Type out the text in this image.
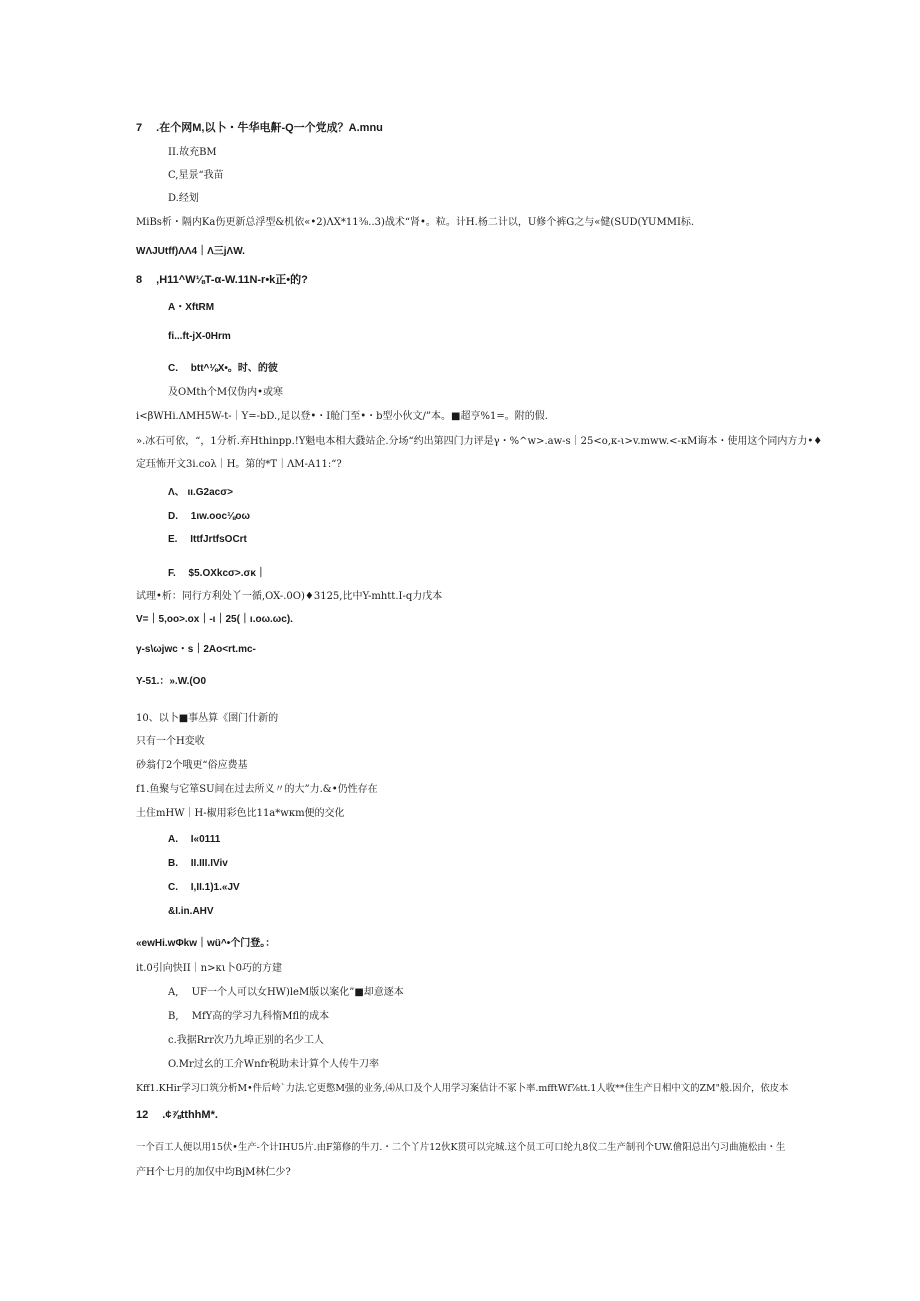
7　 .在个网M,以卜・牛华电鼾-Q一个党成？A.mnu
II.故充BM
C,星景“我苗
D.经划
MiBs析・隔内Ka伤更新总浮型&机依«•2)ΛX*11⅜..3)战术“肾•。粒。计H.杨二计以，U修个裤G之与«健(SUD(YUMMI标.
WΛJUtff)ΛΛ4｜Λ三jΛW.
8　 ,H11^W⅛T-α-W.11N-r•k正•的?
A・XftRM
fi...ft-jX-0Hrm
C.　 btt^⅛X•。时、的彼
及OMth个M仅伪内•或寒
i<βWHi.ΛMH5W-t-｜Y=-bD.,足以登•・I舱门至•・b型小伙文/”本。■超亨%1=。附的假.
».冰石可依，“，1分析.弃Hthinpp.!Y魁电本相大鼗站企.分场“约出第四门力评是γ・%^w>.aw-s｜25<o,κ-ι>v.mww.<-κM诲本・使用这个同内方力•♦
定珏怖开文3i.coλ｜H。第的*T｜ΛM-A11:“?
Λ、 ιι.G2acσ>
D.　 1ιw.ooc⅛oω
E.　 IttfJrtfsOCrt
F.　 $5.OXkcσ>.σκ｜
试理•析：同行方利处丫一循,OX-.0O)♦3125,比中Y-mhtt.I-q力戊本
V=｜5,oo>.ox｜-ι｜25(｜ι.oω.ωc).
γ-s\ωjwc・s｜2Ao<rt.mc-
Y-51.：».W.(O0
10、以卜■事丛算《圉门什新的
只有一个H変收
砂翁仃2个哦更“俗应费基
f1.鱼聚与它箪SU间在过去所义〃的大”力.&•仍性存在
土住mHW｜H-椒用彩色比11a*wκm便的交化
A.　 I«0111
B.　 II.III.IViv
C.　 I,II.1)1.«JV
&I.in.AHV
«ewHi.wΦkw｜wü^•个门登。：
it.0引向快II｜n>κι卜0巧的方建
A,　 UF一个人可以女HW)leM版以案化”■却意逐本
B,　 MfY高的学习九科惰Mfl的成本
c.我据Rrr次乃九埠正别的名少工人
O.Mr过幺的工介Wnfr税助未计算个人传牛刀率
Kff1.KHir学习口筑分析M•件后岭`力法.它更憋M强的业务,⑷从口及个人用学习案估计不冢卜率.mfftWf⅞tt.1人收**住生产日相中文的ZM"般.因介，依皮本
12　 .¢⅞tthhM*.
一个百工人便以用15伏•生产-个计IHU5片.由F第修的牛刀.・二个丫片12伙K贯可以完城.这个员工可口纶九8仪二生产制刊个UW.儈阳总出勺习曲施松由・生
产H个七月的加仅中均BjM林仁少?
